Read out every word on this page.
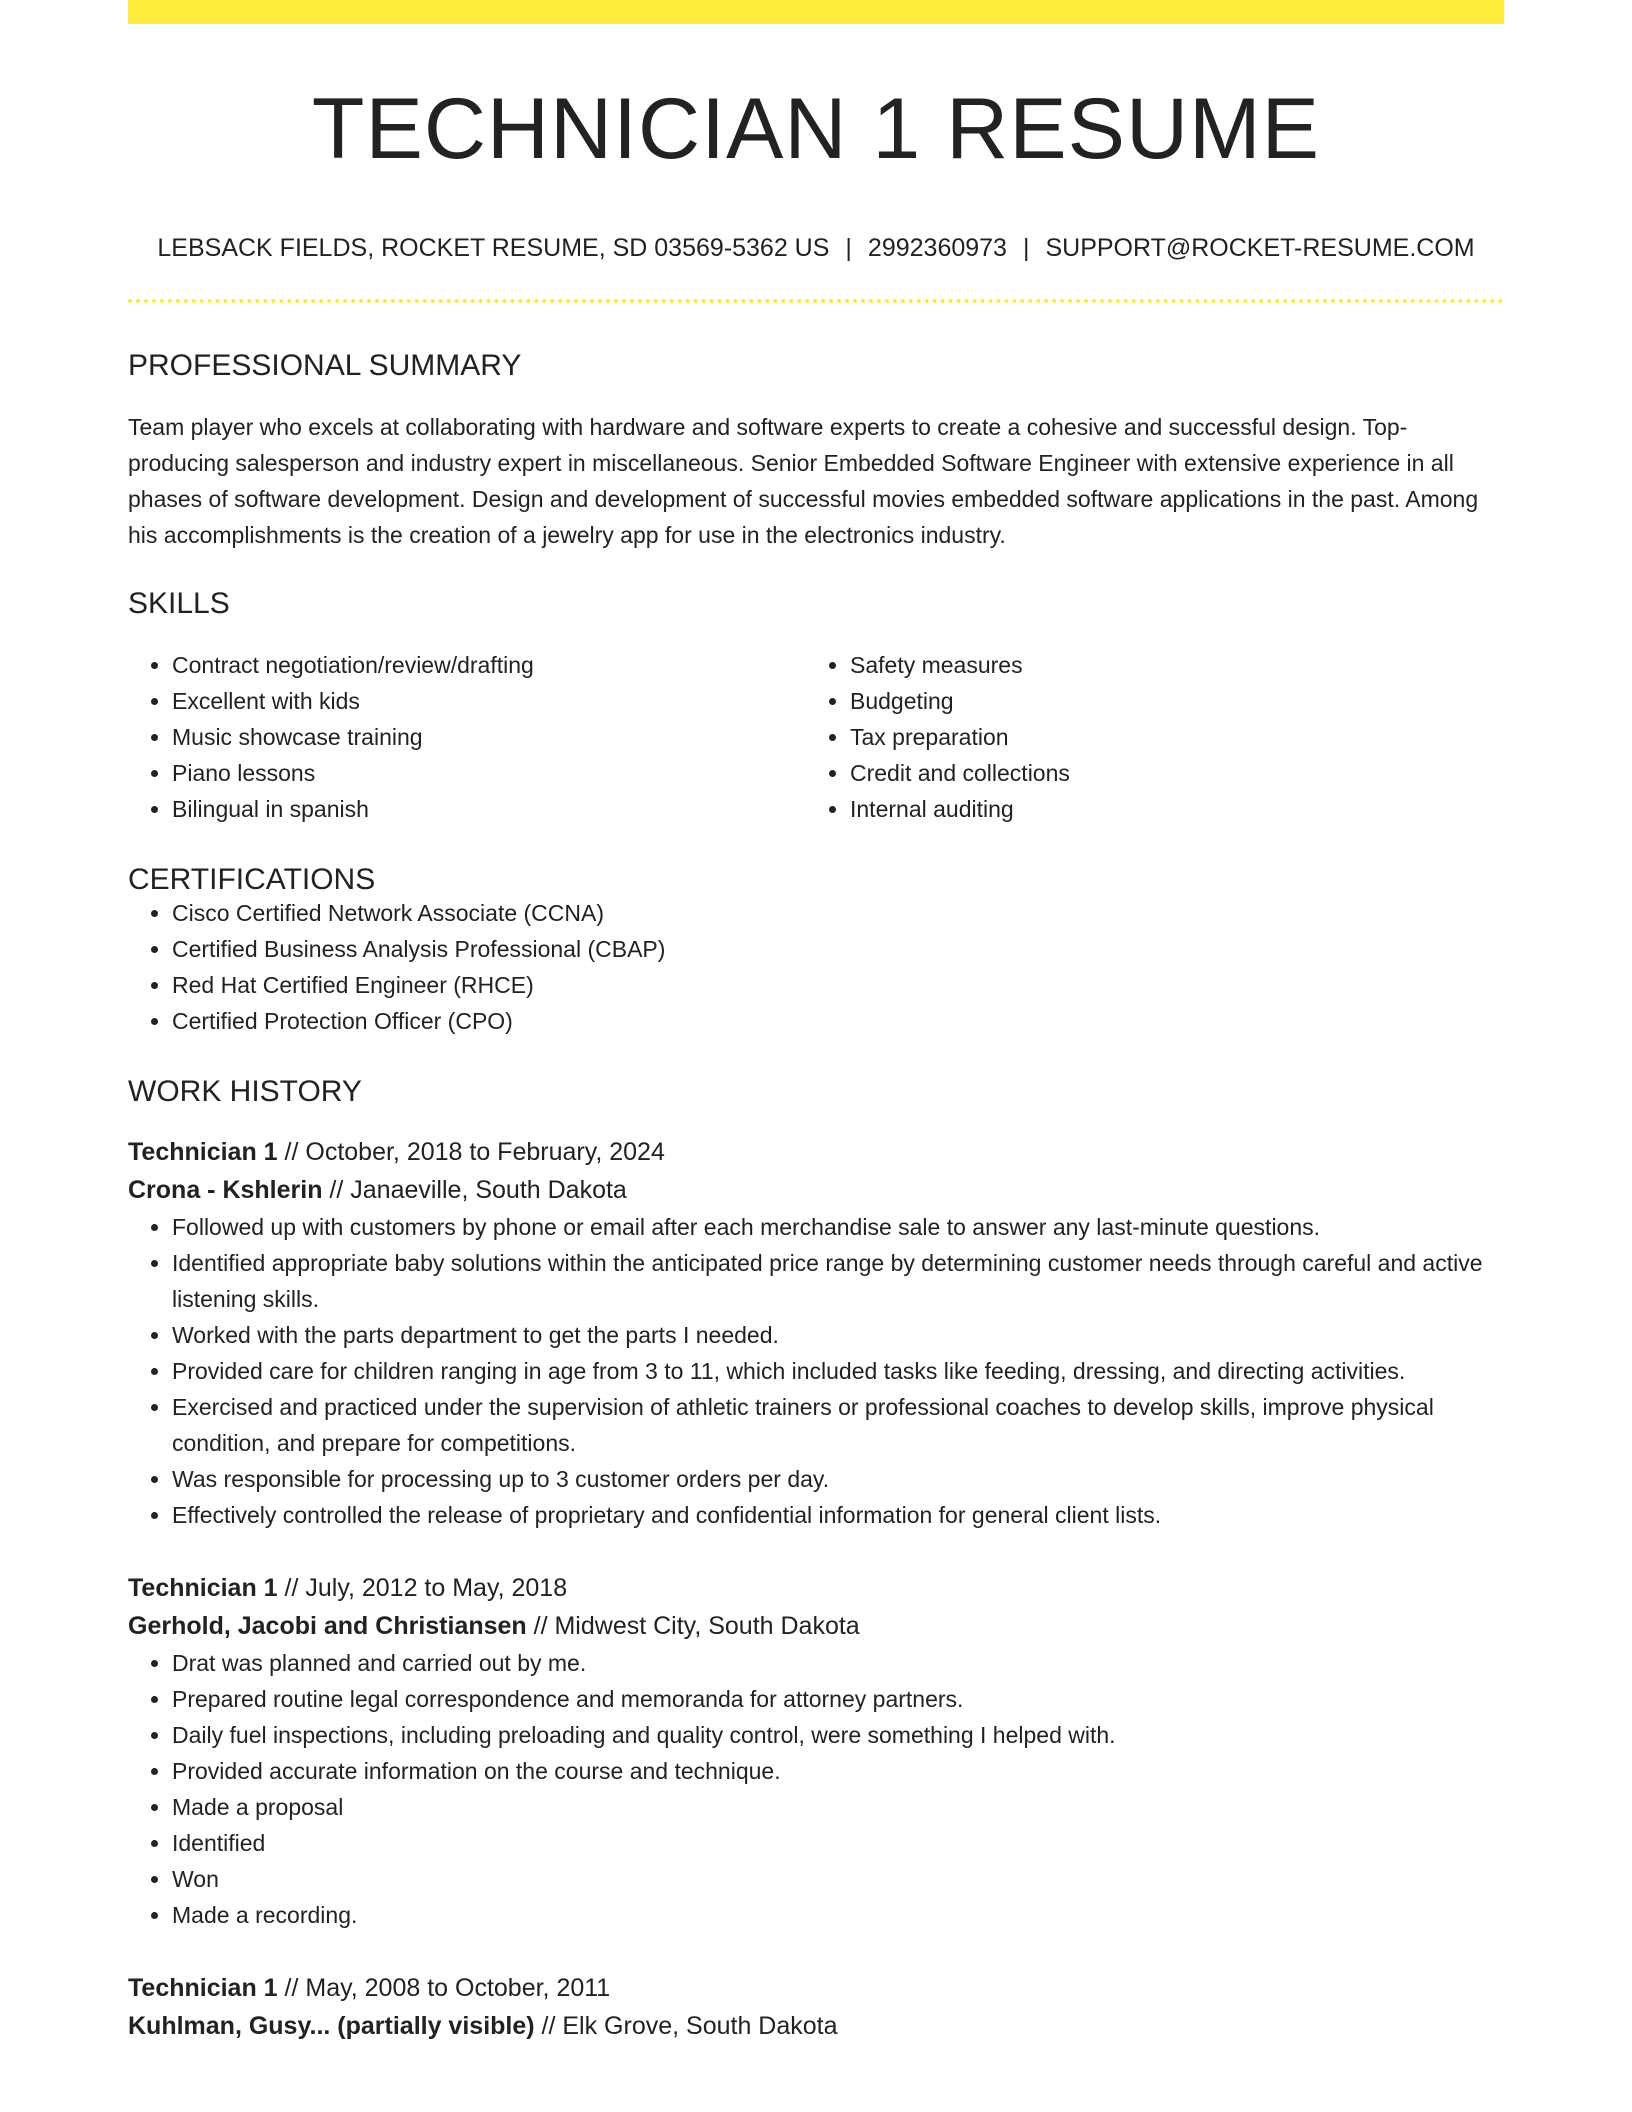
TECHNICIAN 1 RESUME
LEBSACK FIELDS, ROCKET RESUME, SD 03569-5362 US | 2992360973 | SUPPORT@ROCKET-RESUME.COM
PROFESSIONAL SUMMARY
Team player who excels at collaborating with hardware and software experts to create a cohesive and successful design. Top-producing salesperson and industry expert in miscellaneous. Senior Embedded Software Engineer with extensive experience in all phases of software development. Design and development of successful movies embedded software applications in the past. Among his accomplishments is the creation of a jewelry app for use in the electronics industry.
SKILLS
• Contract negotiation/review/drafting
• Excellent with kids
• Music showcase training
• Piano lessons
• Bilingual in spanish
• Safety measures
• Budgeting
• Tax preparation
• Credit and collections
• Internal auditing
CERTIFICATIONS
• Cisco Certified Network Associate (CCNA)
• Certified Business Analysis Professional (CBAP)
• Red Hat Certified Engineer (RHCE)
• Certified Protection Officer (CPO)
WORK HISTORY
Technician 1 // October, 2018 to February, 2024
Crona - Kshlerin // Janaeville, South Dakota
• Followed up with customers by phone or email after each merchandise sale to answer any last-minute questions.
• Identified appropriate baby solutions within the anticipated price range by determining customer needs through careful and active listening skills.
• Worked with the parts department to get the parts I needed.
• Provided care for children ranging in age from 3 to 11, which included tasks like feeding, dressing, and directing activities.
• Exercised and practiced under the supervision of athletic trainers or professional coaches to develop skills, improve physical condition, and prepare for competitions.
• Was responsible for processing up to 3 customer orders per day.
• Effectively controlled the release of proprietary and confidential information for general client lists.
Technician 1 // July, 2012 to May, 2018
Gerhold, Jacobi and Christiansen // Midwest City, South Dakota
• Drat was planned and carried out by me.
• Prepared routine legal correspondence and memoranda for attorney partners.
• Daily fuel inspections, including preloading and quality control, were something I helped with.
• Provided accurate information on the course and technique.
• Made a proposal
• Identified
• Won
• Made a recording.
Technician 1 // May, 2008 to October, 2011
Kuhlman, Gusy... (partially visible) // Elk Grove, South Dakota
